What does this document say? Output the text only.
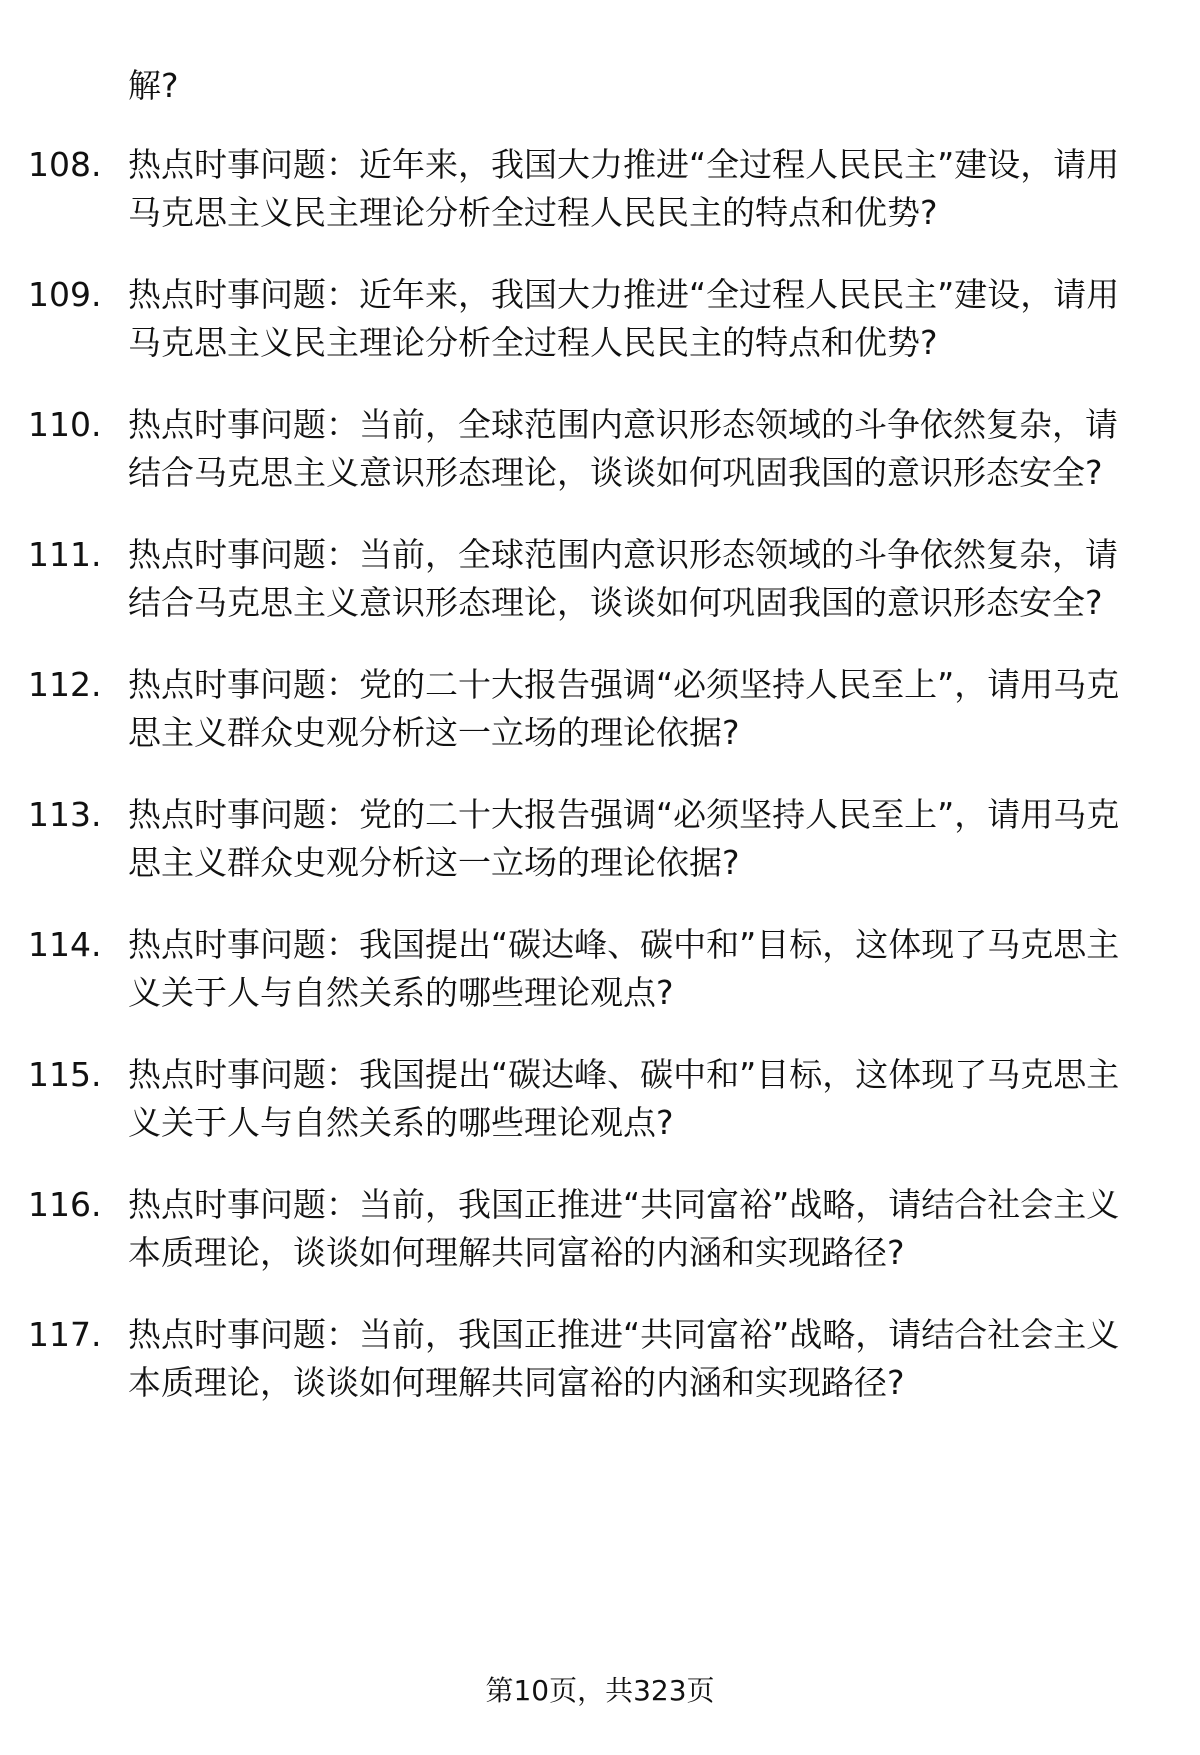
解?

108. 热点时事问题：近年来，我国大力推进“全过程人民民主”建设，请用马克思主义民主理论分析全过程人民民主的特点和优势?
109. 热点时事问题：近年来，我国大力推进“全过程人民民主”建设，请用马克思主义民主理论分析全过程人民民主的特点和优势?
110. 热点时事问题：当前，全球范围内意识形态领域的斗争依然复杂，请结合马克思主义意识形态理论，谈谈如何巩固我国的意识形态安全?
111. 热点时事问题：当前，全球范围内意识形态领域的斗争依然复杂，请结合马克思主义意识形态理论，谈谈如何巩固我国的意识形态安全?
112. 热点时事问题：党的二十大报告强调“必须坚持人民至上”，请用马克思主义群众史观分析这一立场的理论依据?
113. 热点时事问题：党的二十大报告强调“必须坚持人民至上”，请用马克思主义群众史观分析这一立场的理论依据?
114. 热点时事问题：我国提出“碳达峰、碳中和”目标，这体现了马克思主义关于人与自然关系的哪些理论观点?
115. 热点时事问题：我国提出“碳达峰、碳中和”目标，这体现了马克思主义关于人与自然关系的哪些理论观点?
116. 热点时事问题：当前，我国正推进“共同富裕”战略，请结合社会主义本质理论，谈谈如何理解共同富裕的内涵和实现路径?
117. 热点时事问题：当前，我国正推进“共同富裕”战略，请结合社会主义本质理论，谈谈如何理解共同富裕的内涵和实现路径?
第10页，共323页
